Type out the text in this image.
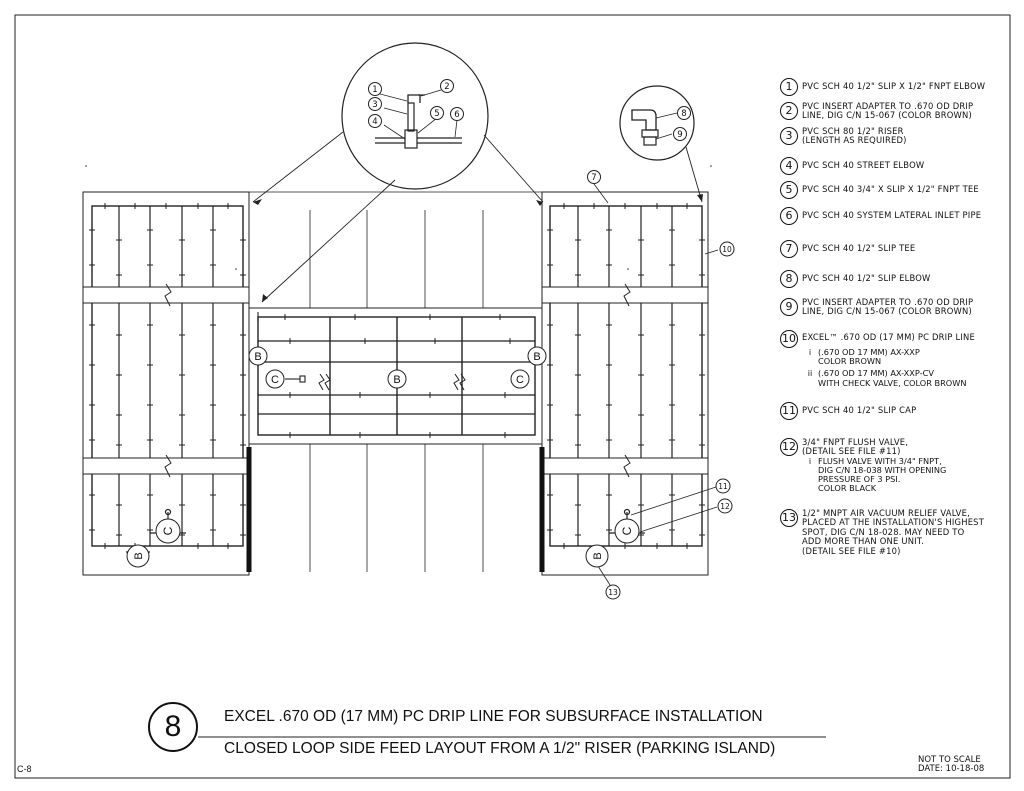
1	2
3
4
5 6	8
9
7
10
11
12
13
B	B
B
C	C
B
C
B
C
1	PVC SCH 40 1/2" SLIP X 1/2" FNPT ELBOW
2	PVC INSERT ADAPTER TO .670 OD DRIP
LINE, DIG C/N 15-067 (COLOR BROWN)
3	PVC SCH 80 1/2" RISER
(LENGTH AS REQUIRED)
4	PVC SCH 40 STREET ELBOW
5	PVC SCH 40 3/4" X SLIP X 1/2" FNPT TEE
6	PVC SCH 40 SYSTEM LATERAL INLET PIPE
7	PVC SCH 40 1/2" SLIP TEE
8	PVC SCH 40 1/2" SLIP ELBOW
9	PVC INSERT ADAPTER TO .670 OD DRIP
LINE, DIG C/N 15-067 (COLOR BROWN)
10 EXCEL™ .670 OD (17 MM) PC DRIP LINE
i (.670 OD 17 MM) AX-XXP
COLOR BROWN
ii (.670 OD 17 MM) AX-XXP-CV
WITH CHECK VALVE, COLOR BROWN
11 PVC SCH 40 1/2" SLIP CAP
12 3/4" FNPT FLUSH VALVE,
(DETAIL SEE FILE #11)
i FLUSH VALVE WITH 3/4" FNPT,
DIG C/N 18-038 WITH OPENING
PRESSURE OF 3 PSI.
COLOR BLACK
13 1/2" MNPT AIR VACUUM RELIEF VALVE,
PLACED AT THE INSTALLATION'S HIGHEST
SPOT, DIG C/N 18-028. MAY NEED TO
ADD MORE THAN ONE UNIT.
(DETAIL SEE FILE #10)
8	EXCEL .670 OD (17 MM) PC DRIP LINE FOR SUBSURFACE INSTALLATION
CLOSED LOOP SIDE FEED LAYOUT FROM A 1/2" RISER (PARKING ISLAND)
C-8
NOT TO SCALE
DATE: 10-18-08
